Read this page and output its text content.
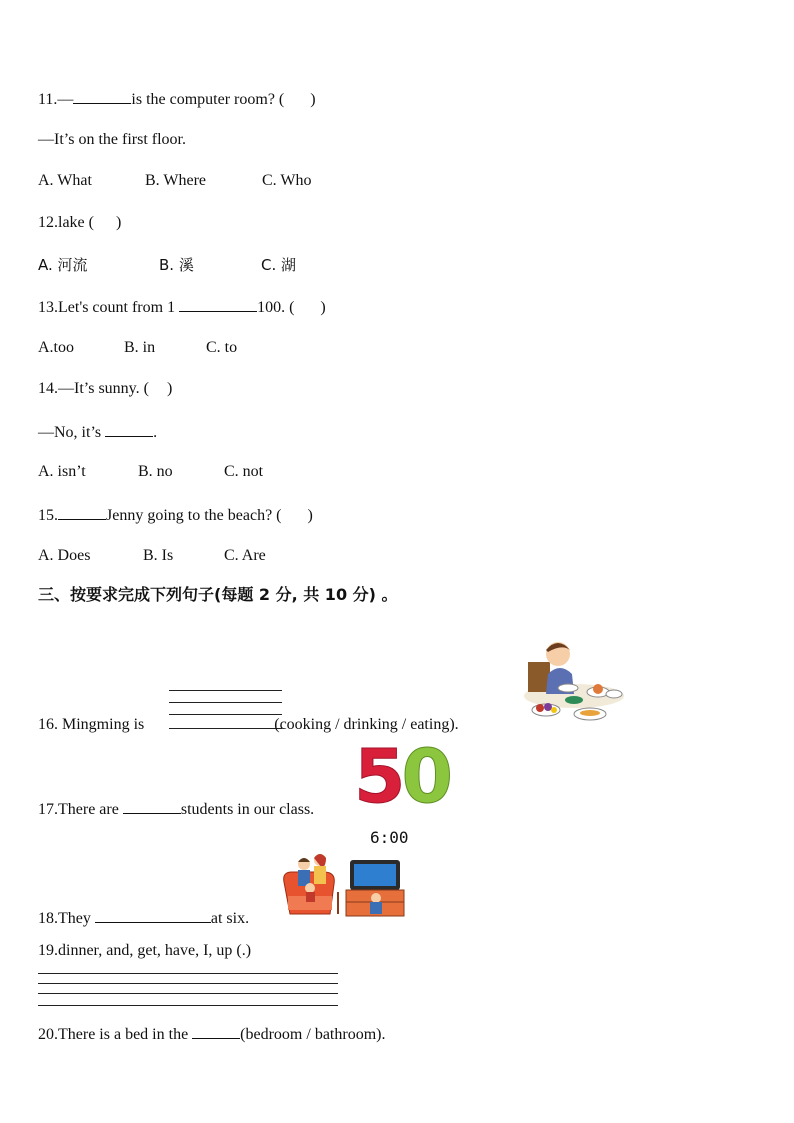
11.—	is the computer room? ( )
—It’s on the first floor.
A. What	B. Where	C. Who
12.lake ( )
A. 河流	B. 溪	C. 湖
13.Let's count from 1	100. ( )
A.too	B. in	C. to
14.—It’s sunny. ( )
—No, it’s	.
A. isn’t	B. no	C. not
15.	Jenny going to the beach? ( )
A. Does	B. Is	C. Are
三、按要求完成下列句子(每题 2 分, 共 10 分) 。
16. Mingming is	(cooking / drinking / eating).
17.There are	students in our class. 50
6:00
18.They	at six.
19.dinner, and, get, have, I, up (.)
20.There is a bed in the	(bedroom / bathroom).
